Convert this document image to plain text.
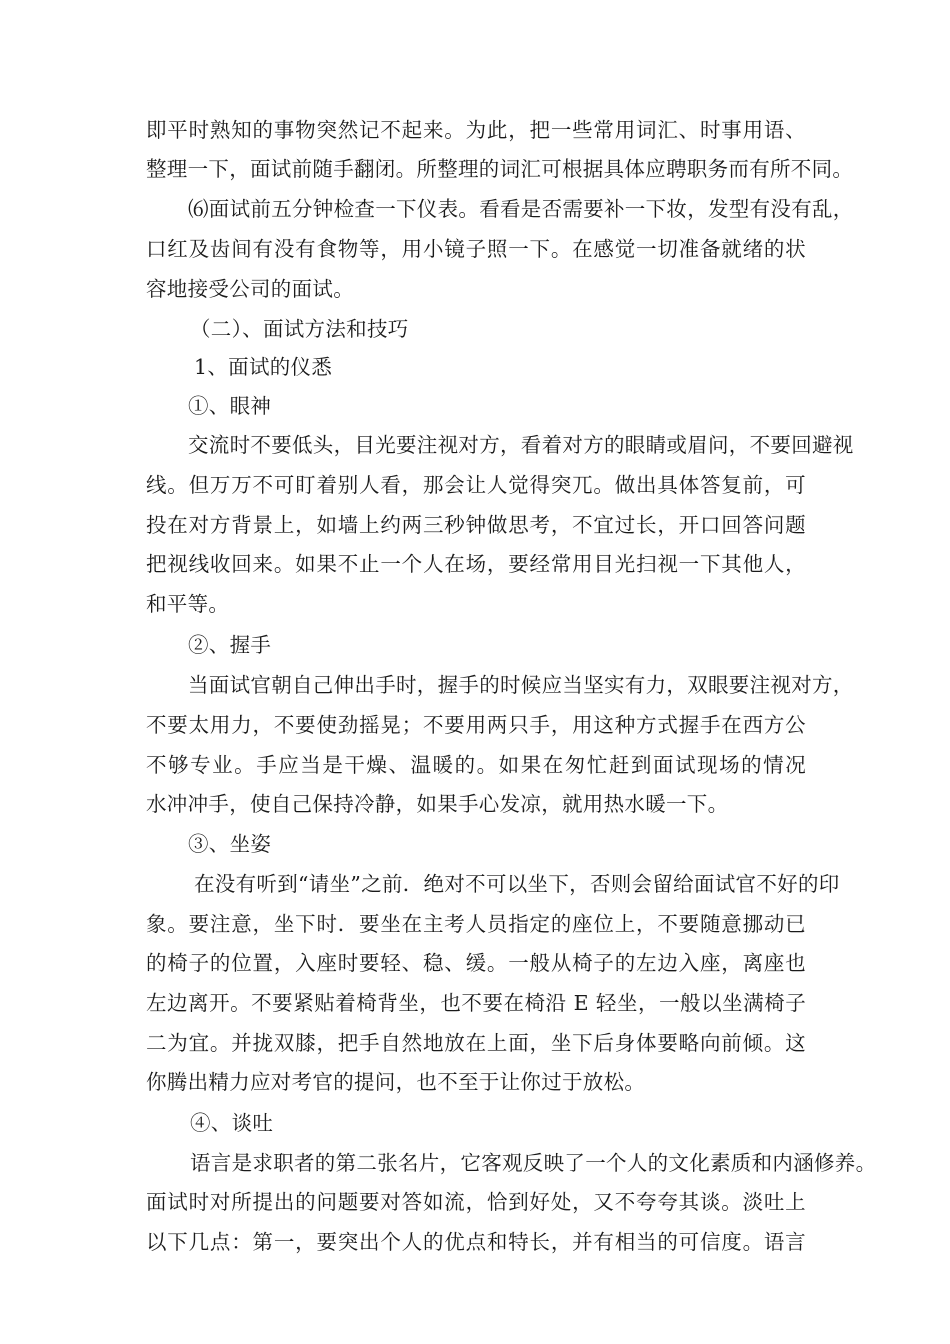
即平时熟知的事物突然记不起来。为此，把一些常用词汇、时事用语、
整理一下，面试前随手翻闭。所整理的词汇可根据具体应聘职务而有所不同。
⑹面试前五分钟检查一下仪表。看看是否需要补一下妆，发型有没有乱，
口红及齿间有没有食物等，用小镜子照一下。在感觉一切准备就绪的状
容地接受公司的面试。
（二）、面试方法和技巧
1、面试的仪悉
①、眼神
交流时不要低头，目光要注视对方，看着对方的眼睛或眉问，不要回避视
线。但万万不可盯着别人看，那会让人觉得突兀。做出具体答复前，可
投在对方背景上，如墙上约两三秒钟做思考，不宜过长，开口回答问题
把视线收回来。如果不止一个人在场，要经常用目光扫视一下其他人，
和平等。
②、握手
当面试官朝自己伸出手时，握手的时候应当坚实有力，双眼要注视对方，
不要太用力，不要使劲摇晃；不要用两只手，用这种方式握手在西方公
不够专业。手应当是干燥、温暖的。如果在匆忙赶到面试现场的情况
水冲冲手，使自己保持冷静，如果手心发凉，就用热水暖一下。
③、坐姿
在没有听到“请坐”之前．绝对不可以坐下，否则会留给面试官不好的印
象。要注意，坐下时．要坐在主考人员指定的座位上，不要随意挪动已
的椅子的位置，入座时要轻、稳、缓。一般从椅子的左边入座，离座也
左边离开。不要紧贴着椅背坐，也不要在椅沿 E 轻坐，一般以坐满椅子
二为宜。并拢双膝，把手自然地放在上面，坐下后身体要略向前倾。这
你腾出精力应对考官的提问，也不至于让你过于放松。
④、谈吐
语言是求职者的第二张名片，它客观反映了一个人的文化素质和内涵修养。
面试时对所提出的问题要对答如流，恰到好处，又不夸夸其谈。淡吐上
以下几点：第一，要突出个人的优点和特长，并有相当的可信度。语言
